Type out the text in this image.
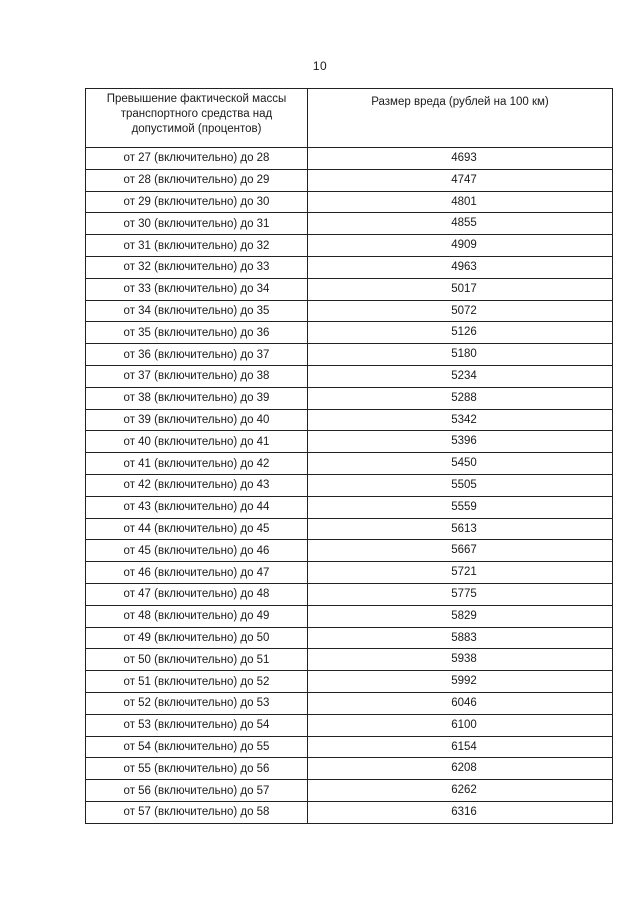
10
Превышение фактической массы транспортного средства над допустимой (процентов)	Размер вреда (рублей на 100 км)
от 27 (включительно) до 28	4693
от 28 (включительно) до 29	4747
от 29 (включительно) до 30	4801
от 30 (включительно) до 31	4855
от 31 (включительно) до 32	4909
от 32 (включительно) до 33	4963
от 33 (включительно) до 34	5017
от 34 (включительно) до 35	5072
от 35 (включительно) до 36	5126
от 36 (включительно) до 37	5180
от 37 (включительно) до 38	5234
от 38 (включительно) до 39	5288
от 39 (включительно) до 40	5342
от 40 (включительно) до 41	5396
от 41 (включительно) до 42	5450
от 42 (включительно) до 43	5505
от 43 (включительно) до 44	5559
от 44 (включительно) до 45	5613
от 45 (включительно) до 46	5667
от 46 (включительно) до 47	5721
от 47 (включительно) до 48	5775
от 48 (включительно) до 49	5829
от 49 (включительно) до 50	5883
от 50 (включительно) до 51	5938
от 51 (включительно) до 52	5992
от 52 (включительно) до 53	6046
от 53 (включительно) до 54	6100
от 54 (включительно) до 55	6154
от 55 (включительно) до 56	6208
от 56 (включительно) до 57	6262
от 57 (включительно) до 58	6316
